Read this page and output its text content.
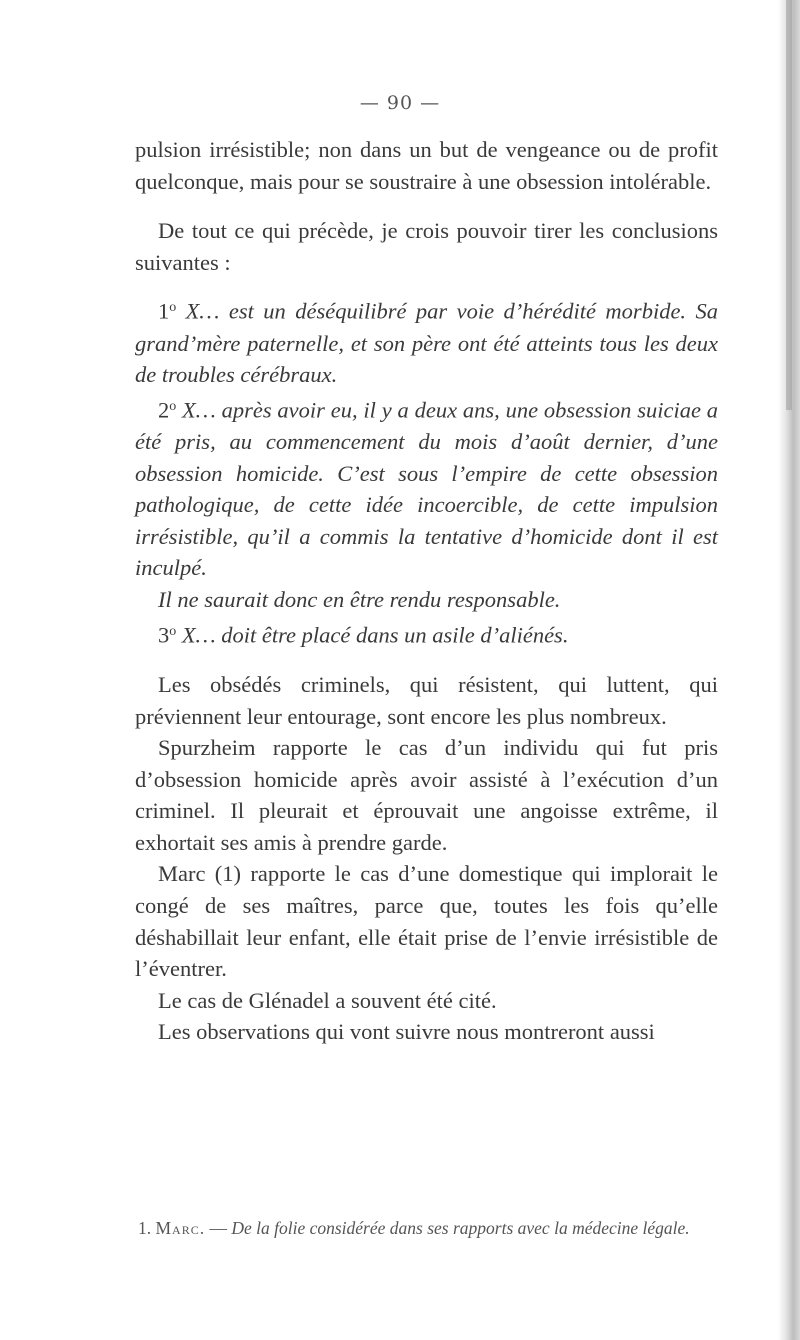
— 90 —

pulsion irrésistible; non dans un but de vengeance ou de profit quelconque, mais pour se soustraire à une obsession intolérable.

De tout ce qui précède, je crois pouvoir tirer les conclusions suivantes :

1$^o$ X… est un déséquilibré par voie d’hérédité morbide. Sa grand’mère paternelle, et son père ont été atteints tous les deux de troubles cérébraux.

2$^o$ X… après avoir eu, il y a deux ans, une obsession suiciae a été pris, au commencement du mois d’août dernier, d’une obsession homicide. C’est sous l’empire de cette obsession pathologique, de cette idée incoercible, de cette impulsion irrésistible, qu’il a commis la tentative d’homicide dont il est inculpé.

Il ne saurait donc en être rendu responsable.

3$^o$ X… doit être placé dans un asile d’aliénés.

Les obsédés criminels, qui résistent, qui luttent, qui préviennent leur entourage, sont encore les plus nombreux.

Spurzheim rapporte le cas d’un individu qui fut pris d’obsession homicide après avoir assisté à l’exécution d’un criminel. Il pleurait et éprouvait une angoisse extrême, il exhortait ses amis à prendre garde.

Marc (1) rapporte le cas d’une domestique qui implorait le congé de ses maîtres, parce que, toutes les fois qu’elle déshabillait leur enfant, elle était prise de l’envie irrésistible de l’éventrer.

Le cas de Glénadel a souvent été cité.

Les observations qui vont suivre nous montreront aussi

1. Marc. — De la folie considérée dans ses rapports avec la médecine légale.
